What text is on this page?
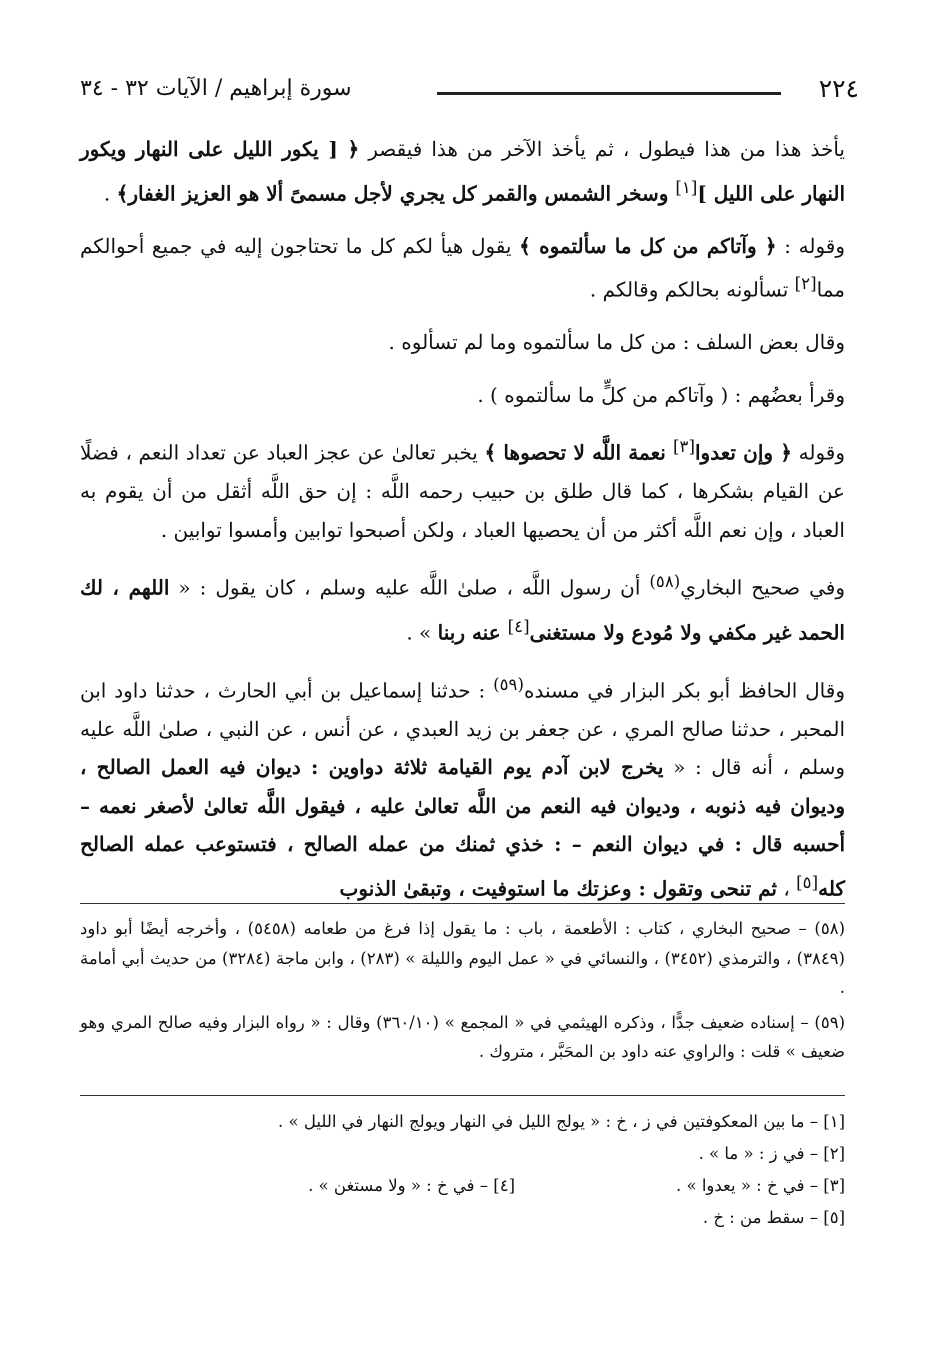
٢٢٤
سورة إبراهيم / الآيات ٣٢ - ٣٤

يأخذ هذا من هذا فيطول ، ثم يأخذ الآخر من هذا فيقصر ﴿ [ يكور الليل على النهار ويكور النهار على الليل ][١] وسخر الشمس والقمر كل يجري لأجل مسمىً ألا هو العزيز الغفار﴾ .

وقوله : ﴿ وآتاكم من كل ما سألتموه ﴾ يقول هيأ لكم كل ما تحتاجون إليه في جميع أحوالكم مما[٢] تسألونه بحالكم وقالكم .

وقال بعض السلف : من كل ما سألتموه وما لم تسألوه .

وقرأ بعضُهم : ( وآتاكم من كلٍّ ما سألتموه ) .

وقوله ﴿ وإن تعدوا[٣] نعمة اللَّه لا تحصوها ﴾ يخبر تعالىٰ عن عجز العباد عن تعداد النعم ، فضلًا عن القيام بشكرها ، كما قال طلق بن حبيب رحمه اللَّه : إن حق اللَّه أثقل من أن يقوم به العباد ، وإن نعم اللَّه أكثر من أن يحصيها العباد ، ولكن أصبحوا توابين وأمسوا توابين .

وفي صحيح البخاري$^{(٥٨)}$ أن رسول اللَّه ، صلىٰ اللَّه عليه وسلم ، كان يقول : « اللهم ، لك الحمد غير مكفي ولا مُودع ولا مستغنى[٤] عنه ربنا » .

وقال الحافظ أبو بكر البزار في مسنده$^{(٥٩)}$ : حدثنا إسماعيل بن أبي الحارث ، حدثنا داود ابن المحبر ، حدثنا صالح المري ، عن جعفر بن زيد العبدي ، عن أنس ، عن النبي ، صلىٰ اللَّه عليه وسلم ، أنه قال : « يخرج لابن آدم يوم القيامة ثلاثة دواوين : ديوان فيه العمل الصالح ، وديوان فيه ذنوبه ، وديوان فيه النعم من اللَّه تعالىٰ عليه ، فيقول اللَّه تعالىٰ لأصغر نعمه – أحسبه قال : في ديوان النعم – : خذي ثمنك من عمله الصالح ، فتستوعب عمله الصالح كله[٥] ، ثم تنحى وتقول : وعزتك ما استوفيت ، وتبقىٰ الذنوب

(٥٨) – صحيح البخاري ، كتاب : الأطعمة ، باب : ما يقول إذا فرغ من طعامه (٥٤٥٨) ، وأخرجه أيضًا أبو داود (٣٨٤٩) ، والترمذي (٣٤٥٢) ، والنسائي في « عمل اليوم والليلة » (٢٨٣) ، وابن ماجة (٣٢٨٤) من حديث أبي أمامة .

(٥٩) – إسناده ضعيف جدًّا ، وذكره الهيثمي في « المجمع » (٣٦٠/١٠) وقال : « رواه البزار وفيه صالح المري وهو ضعيف » قلت : والراوي عنه داود بن المحَبَّر ، متروك .

[١] – ما بين المعكوفتين في ز ، خ : « يولج الليل في النهار ويولج النهار في الليل » .
[٢] – في ز : « ما » .
[٣] – في خ : « يعدوا » .
[٤] – في خ : « ولا مستغن » .
[٥] – سقط من : خ .
